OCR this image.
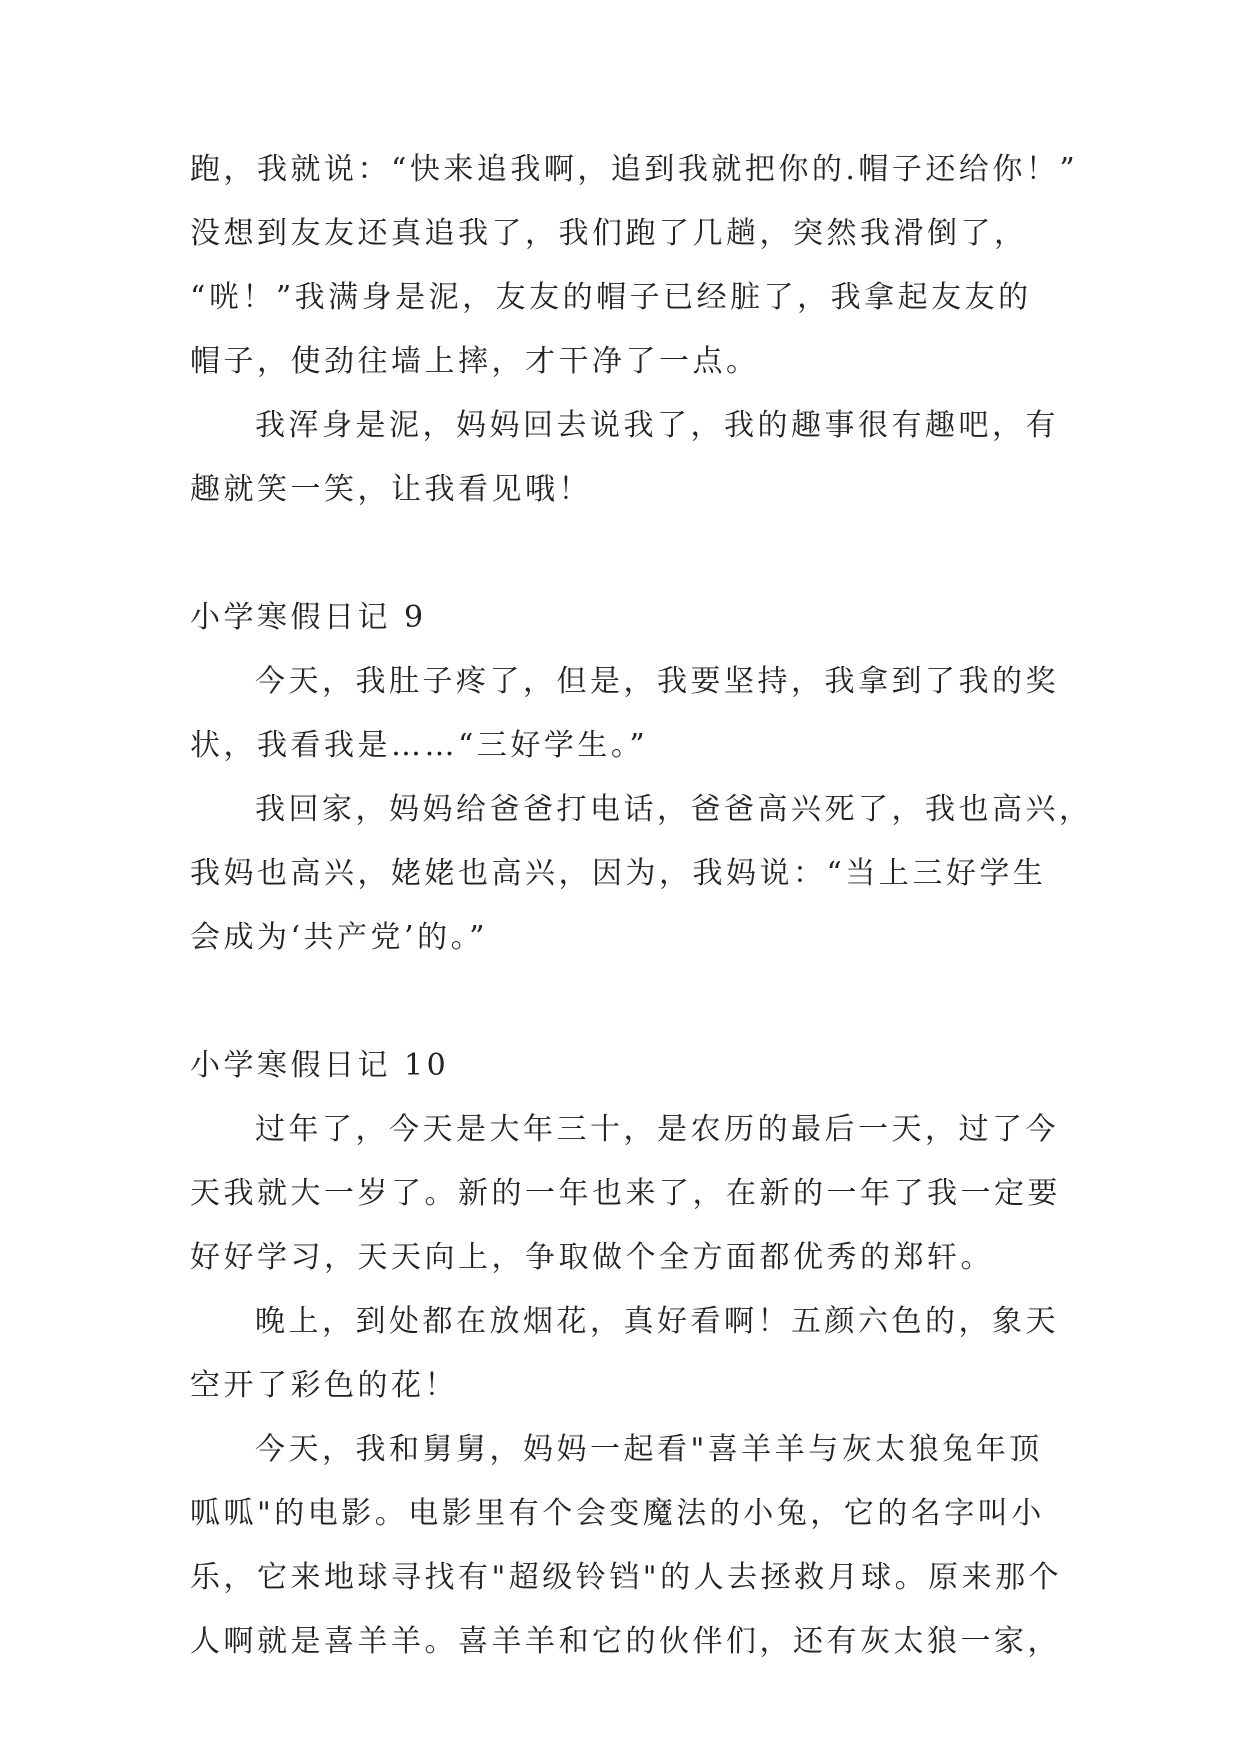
跑，我就说：“快来追我啊，追到我就把你的.帽子还给你！”
没想到友友还真追我了，我们跑了几趟，突然我滑倒了，
“咣！”我满身是泥，友友的帽子已经脏了，我拿起友友的
帽子，使劲往墙上摔，才干净了一点。
我浑身是泥，妈妈回去说我了，我的趣事很有趣吧，有
趣就笑一笑，让我看见哦！
小学寒假日记 9
今天，我肚子疼了，但是，我要坚持，我拿到了我的奖
状，我看我是……“三好学生。”
我回家，妈妈给爸爸打电话，爸爸高兴死了，我也高兴，
我妈也高兴，姥姥也高兴，因为，我妈说：“当上三好学生
会成为‘共产党’的。”
小学寒假日记 10
过年了，今天是大年三十，是农历的最后一天，过了今
天我就大一岁了。新的一年也来了，在新的一年了我一定要
好好学习，天天向上，争取做个全方面都优秀的郑轩。
晚上，到处都在放烟花，真好看啊！五颜六色的，象天
空开了彩色的花！
今天，我和舅舅，妈妈一起看"喜羊羊与灰太狼兔年顶
呱呱"的电影。电影里有个会变魔法的小兔，它的名字叫小
乐，它来地球寻找有"超级铃铛"的人去拯救月球。原来那个
人啊就是喜羊羊。喜羊羊和它的伙伴们，还有灰太狼一家，
